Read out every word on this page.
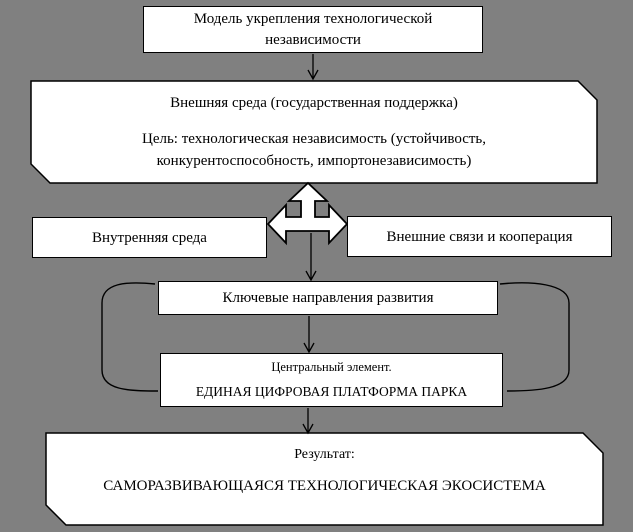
Модель укрепления технологической
независимости
Внешняя среда (государственная поддержка)
Цель: технологическая независимость (устойчивость,
конкурентоспособность, импортонезависимость)
Внутренняя среда	Внешние связи и кооперация
Ключевые направления развития
Центральный элемент.
ЕДИНАЯ ЦИФРОВАЯ ПЛАТФОРМА ПАРКА
Результат:
САМОРАЗВИВАЮЩАЯСЯ ТЕХНОЛОГИЧЕСКАЯ ЭКОСИСТЕМА
